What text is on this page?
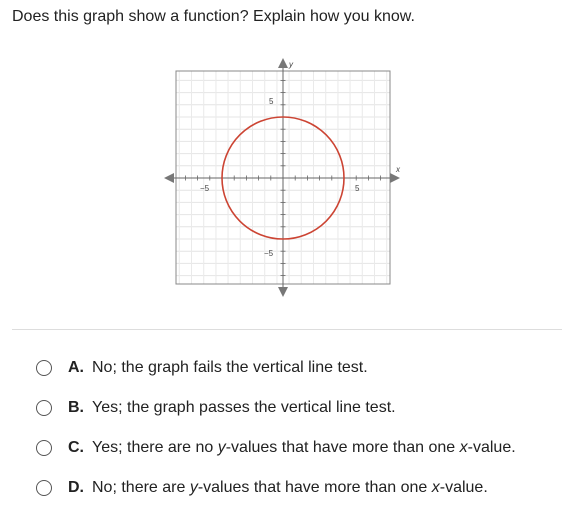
Does this graph show a function? Explain how you know.

x
y
−5	5
5
−5
A. No; the graph fails the vertical line test.
B. Yes; the graph passes the vertical line test.
C. Yes; there are no y-values that have more than one x-value.
D. No; there are y-values that have more than one x-value.
